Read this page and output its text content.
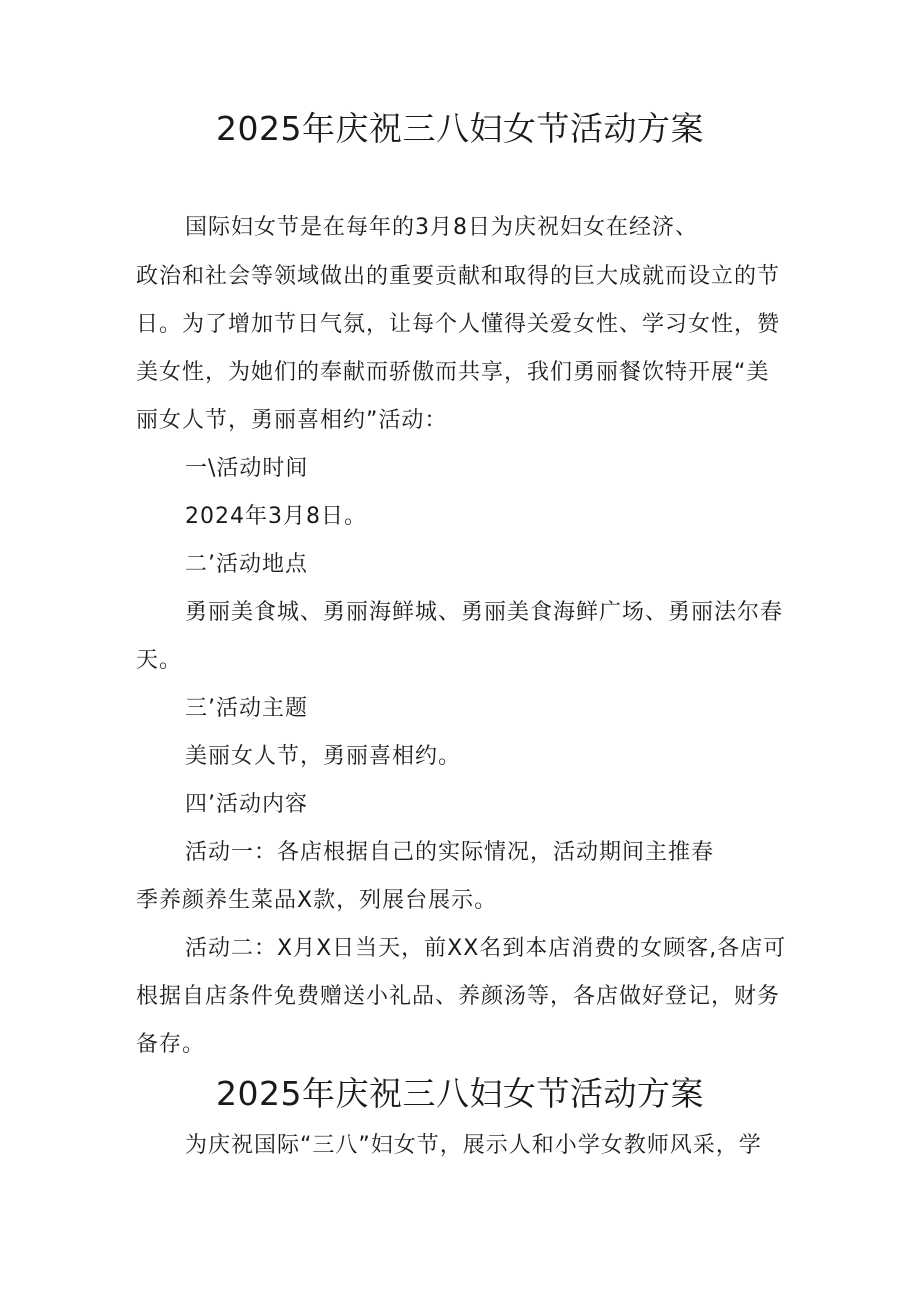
2025年庆祝三八妇女节活动方案
国际妇女节是在每年的3月8日为庆祝妇女在经济、
政治和社会等领域做出的重要贡献和取得的巨大成就而设立的节
日。为了增加节日气氛，让每个人懂得关爱女性、学习女性，赞
美女性，为她们的奉献而骄傲而共享，我们勇丽餐饮特开展“美
丽女人节，勇丽喜相约”活动：
一\活动时间
2024年3月8日。
二’活动地点
勇丽美食城、勇丽海鲜城、勇丽美食海鲜广场、勇丽法尔春
天。
三’活动主题
美丽女人节，勇丽喜相约。
四’活动内容
活动一：各店根据自己的实际情况，活动期间主推春
季养颜养生菜品X款，列展台展示。
活动二：X月X日当天，前XX名到本店消费的女顾客,各店可
根据自店条件免费赠送小礼品、养颜汤等，各店做好登记，财务
备存。
2025年庆祝三八妇女节活动方案
为庆祝国际“三八”妇女节，展示人和小学女教师风采，学
